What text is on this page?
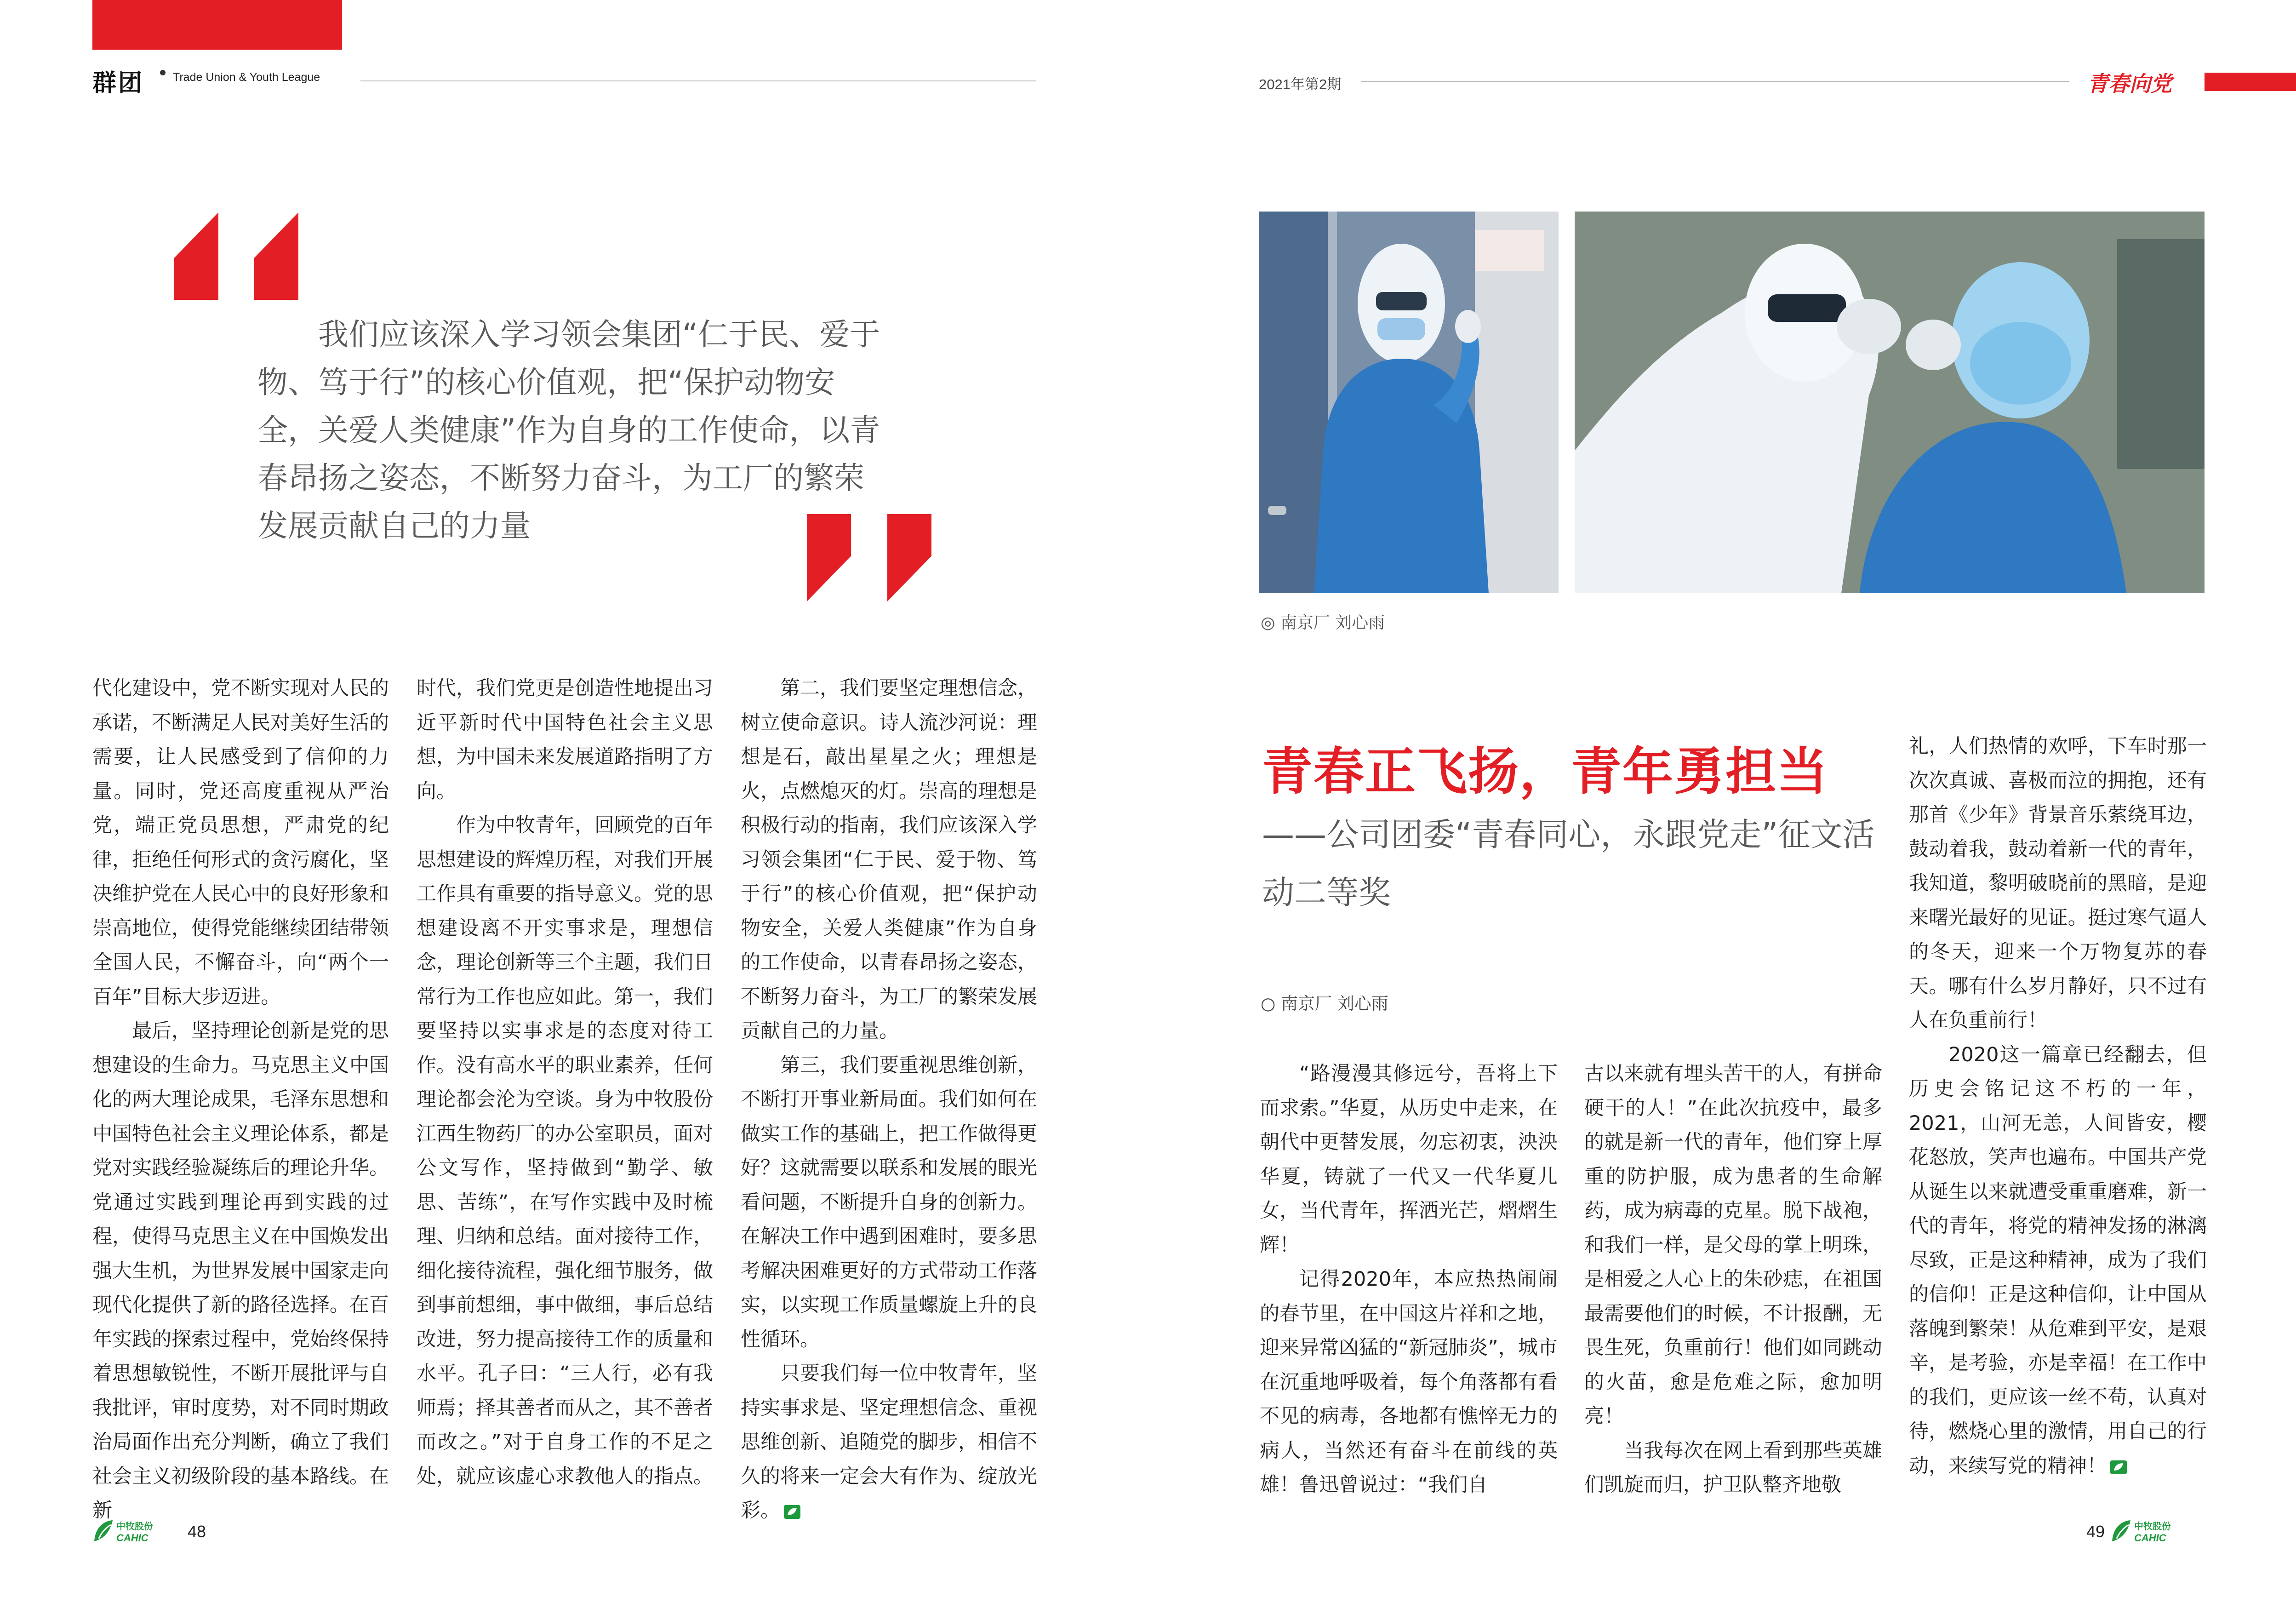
群团	Trade Union & Youth League	2021年第2期	青春向党
我们应该深入学习领会集团“仁于民、爱于物、笃于行”的核心价值观，把“保护动物安全，关爱人类健康”作为自身的工作使命，以青春昂扬之姿态，不断努力奋斗，为工厂的繁荣发展贡献自己的力量

代化建设中，党不断实现对人民的承诺，不断满足人民对美好生活的需要，让人民感受到了信仰的力量。同时，党还高度重视从严治党，端正党员思想，严肃党的纪律，拒绝任何形式的贪污腐化，坚决维护党在人民心中的良好形象和崇高地位，使得党能继续团结带领全国人民，不懈奋斗，向“两个一百年”目标大步迈进。

最后，坚持理论创新是党的思想建设的生命力。马克思主义中国化的两大理论成果，毛泽东思想和中国特色社会主义理论体系，都是党对实践经验凝练后的理论升华。党通过实践到理论再到实践的过程，使得马克思主义在中国焕发出强大生机，为世界发展中国家走向现代化提供了新的路径选择。在百年实践的探索过程中，党始终保持着思想敏锐性，不断开展批评与自我批评，审时度势，对不同时期政治局面作出充分判断，确立了我们社会主义初级阶段的基本路线。在新

时代，我们党更是创造性地提出习近平新时代中国特色社会主义思想，为中国未来发展道路指明了方向。

作为中牧青年，回顾党的百年思想建设的辉煌历程，对我们开展工作具有重要的指导意义。党的思想建设离不开实事求是，理想信念，理论创新等三个主题，我们日常行为工作也应如此。第一，我们要坚持以实事求是的态度对待工作。没有高水平的职业素养，任何理论都会沦为空谈。身为中牧股份江西生物药厂的办公室职员，面对公文写作，坚持做到“勤学、敏思、苦练”，在写作实践中及时梳理、归纳和总结。面对接待工作，细化接待流程，强化细节服务，做到事前想细，事中做细，事后总结改进，努力提高接待工作的质量和水平。孔子曰：“三人行，必有我师焉；择其善者而从之，其不善者而改之。”对于自身工作的不足之处，就应该虚心求教他人的指点。

第二，我们要坚定理想信念，树立使命意识。诗人流沙河说：理想是石，敲出星星之火；理想是火，点燃熄灭的灯。崇高的理想是积极行动的指南，我们应该深入学习领会集团“仁于民、爱于物、笃于行”的核心价值观，把“保护动物安全，关爱人类健康”作为自身的工作使命，以青春昂扬之姿态，不断努力奋斗，为工厂的繁荣发展贡献自己的力量。

第三，我们要重视思维创新，不断打开事业新局面。我们如何在做实工作的基础上，把工作做得更好？这就需要以联系和发展的眼光看问题，不断提升自身的创新力。在解决工作中遇到困难时，要多思考解决困难更好的方式带动工作落实，以实现工作质量螺旋上升的良性循环。

只要我们每一位中牧青年，坚持实事求是、坚定理想信念、重视思维创新、追随党的脚步，相信不久的将来一定会大有作为、绽放光彩。

◎ 南京厂 刘心雨
青春正飞扬，青年勇担当
——公司团委“青春同心，永跟党走”征文活动二等奖
○ 南京厂 刘心雨

“路漫漫其修远兮，吾将上下而求索。”华夏，从历史中走来，在朝代中更替发展，勿忘初衷，泱泱华夏，铸就了一代又一代华夏儿女，当代青年，挥洒光芒，熠熠生辉！

记得2020年，本应热热闹闹的春节里，在中国这片祥和之地，迎来异常凶猛的“新冠肺炎”，城市在沉重地呼吸着，每个角落都有看不见的病毒，各地都有憔悴无力的病人，当然还有奋斗在前线的英雄！鲁迅曾说过：“我们自

古以来就有埋头苦干的人，有拼命硬干的人！”在此次抗疫中，最多的就是新一代的青年，他们穿上厚重的防护服，成为患者的生命解药，成为病毒的克星。脱下战袍，和我们一样，是父母的掌上明珠，是相爱之人心上的朱砂痣，在祖国最需要他们的时候，不计报酬，无畏生死，负重前行！他们如同跳动的火苗，愈是危难之际，愈加明亮！

当我每次在网上看到那些英雄们凯旋而归，护卫队整齐地敬

礼，人们热情的欢呼，下车时那一次次真诚、喜极而泣的拥抱，还有那首《少年》背景音乐萦绕耳边，鼓动着我，鼓动着新一代的青年，我知道，黎明破晓前的黑暗，是迎来曙光最好的见证。挺过寒气逼人的冬天，迎来一个万物复苏的春天。哪有什么岁月静好，只不过有人在负重前行！

2020这一篇章已经翻去，但历史会铭记这不朽的一年，2021，山河无恙，人间皆安，樱花怒放，笑声也遍布。中国共产党从诞生以来就遭受重重磨难，新一代的青年，将党的精神发扬的淋漓尽致，正是这种精神，成为了我们的信仰！正是这种信仰，让中国从落魄到繁荣！从危难到平安，是艰辛，是考验，亦是幸福！在工作中的我们，更应该一丝不苟，认真对待，燃烧心里的激情，用自己的行动，来续写党的精神！

中牧股份
CAHIC 48	49	中牧股份
CAHIC
